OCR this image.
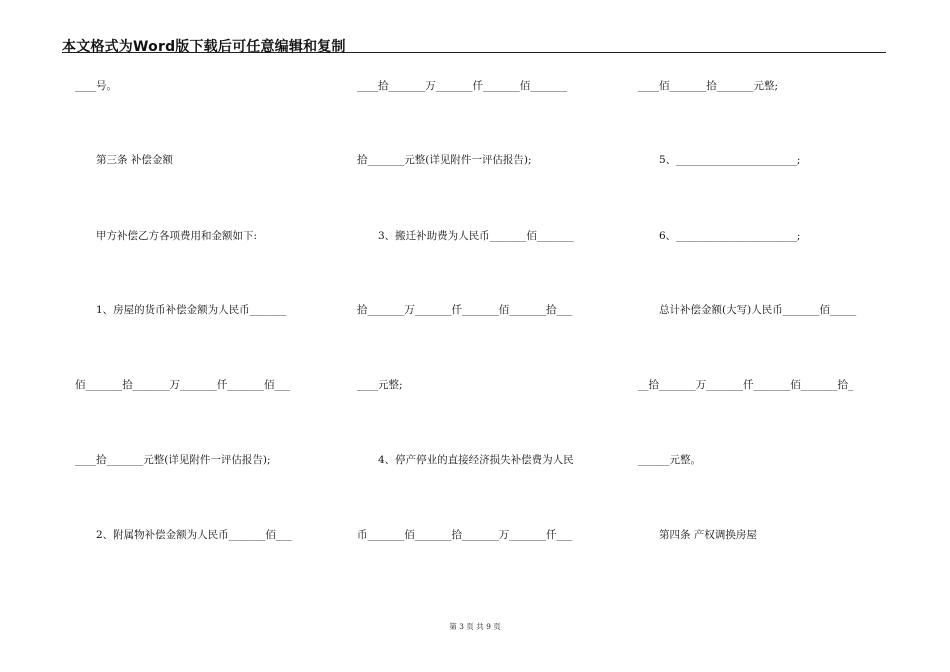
本文格式为Word版下载后可任意编辑和复制
____号。
　　第三条 补偿金额
　　甲方补偿乙方各项费用和金额如下:
　　1、房屋的货币补偿金额为人民币_______
佰_______拾_______万_______仟_______佰___
____拾_______元整(详见附件一评估报告);
　　2、附属物补偿金额为人民币_______佰___
____拾_______万_______仟_______佰_______
拾_______元整(详见附件一评估报告);
　　3、搬迁补助费为人民币_______佰_______
拾_______万_______仟_______佰_______拾___
____元整;
　　4、停产停业的直接经济损失补偿费为人民
币_______佰_______拾_______万_______仟___
____佰_______拾_______元整;
　　5、_______________________;
　　6、_______________________;
　　总计补偿金额(大写)人民币_______佰_____
__拾_______万_______仟_______佰_______拾_
______元整。
　　第四条 产权调换房屋
第 3 页 共 9 页
